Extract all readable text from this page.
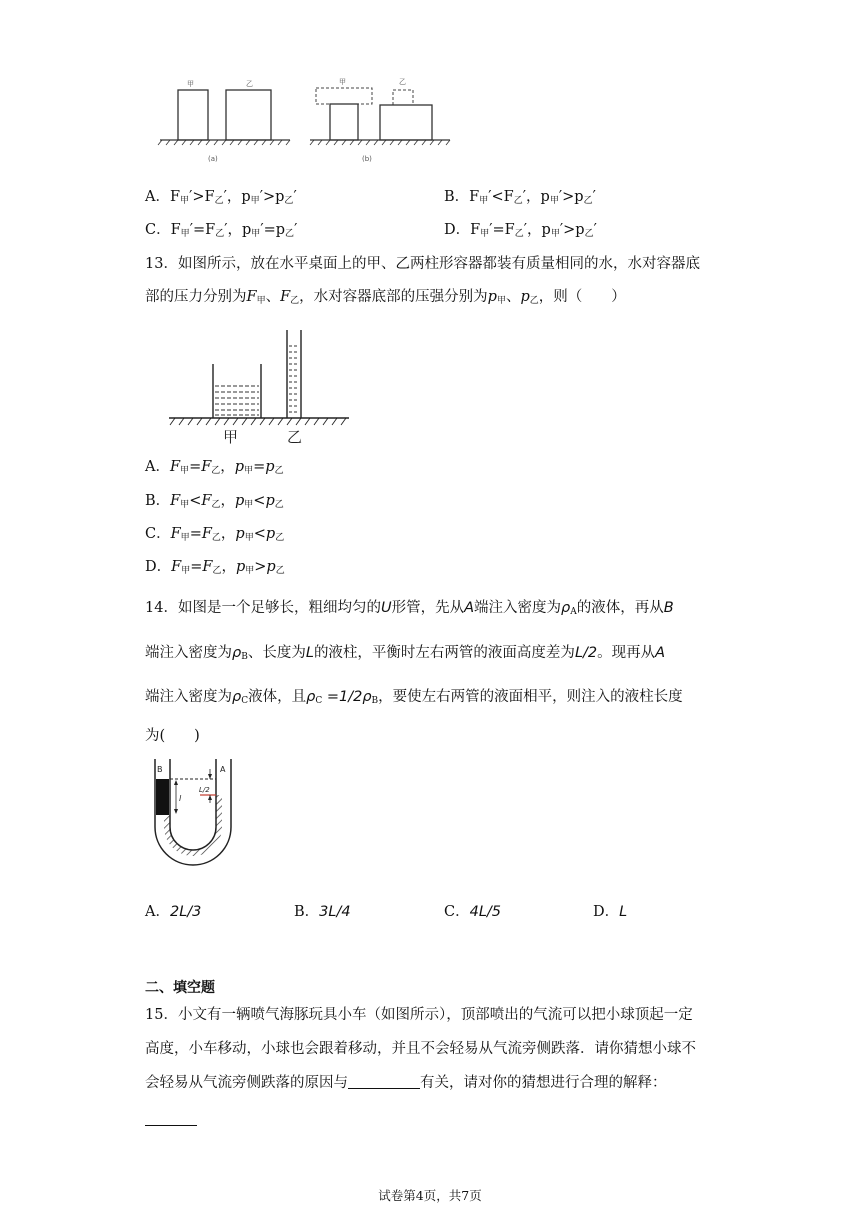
甲	乙
(a)
甲	乙
(b)
A．$F_甲'>F_乙'$，$p_甲'>p_乙'$	B．$F_甲'<F_乙'$，$p_甲'>p_乙'$
C．$F_甲'=F_乙'$，$p_甲'=p_乙'$	D．$F_甲'=F_乙'$，$p_甲'>p_乙'$
13．如图所示，放在水平桌面上的甲、乙两柱形容器都装有质量相同的水，水对容器底
部的压力分别为$F_甲$、$F_乙$，水对容器底部的压强分别为$p_甲$、$p_乙$，则（　　）
甲	乙
A．$F_甲=F_乙$，$p_甲=p_乙$
B．$F_甲<F_乙$，$p_甲<p_乙$
C．$F_甲=F_乙$，$p_甲<p_乙$
D．$F_甲=F_乙$，$p_甲>p_乙$
14．如图是一个足够长，粗细均匀的U形管，先从A端注入密度为$\rho_A$的液体，再从B
端注入密度为$\rho_B$、长度为L的液柱，平衡时左右两管的液面高度差为L/2。现再从A
端注入密度为$\rho_C$液体，且$\rho_C =1/2\rho_B$，要使左右两管的液面相平，则注入的液柱长度
为(　　)
B	A
l
L/2
A．2L/3	B．3L/4	C．4L/5	D．L
二、填空题
15．小文有一辆喷气海豚玩具小车（如图所示），顶部喷出的气流可以把小球顶起一定
高度，小车移动，小球也会跟着移动，并且不会轻易从气流旁侧跌落．请你猜想小球不
会轻易从气流旁侧跌落的原因与	有关，请对你的猜想进行合理的解释：
试卷第4页，共7页
